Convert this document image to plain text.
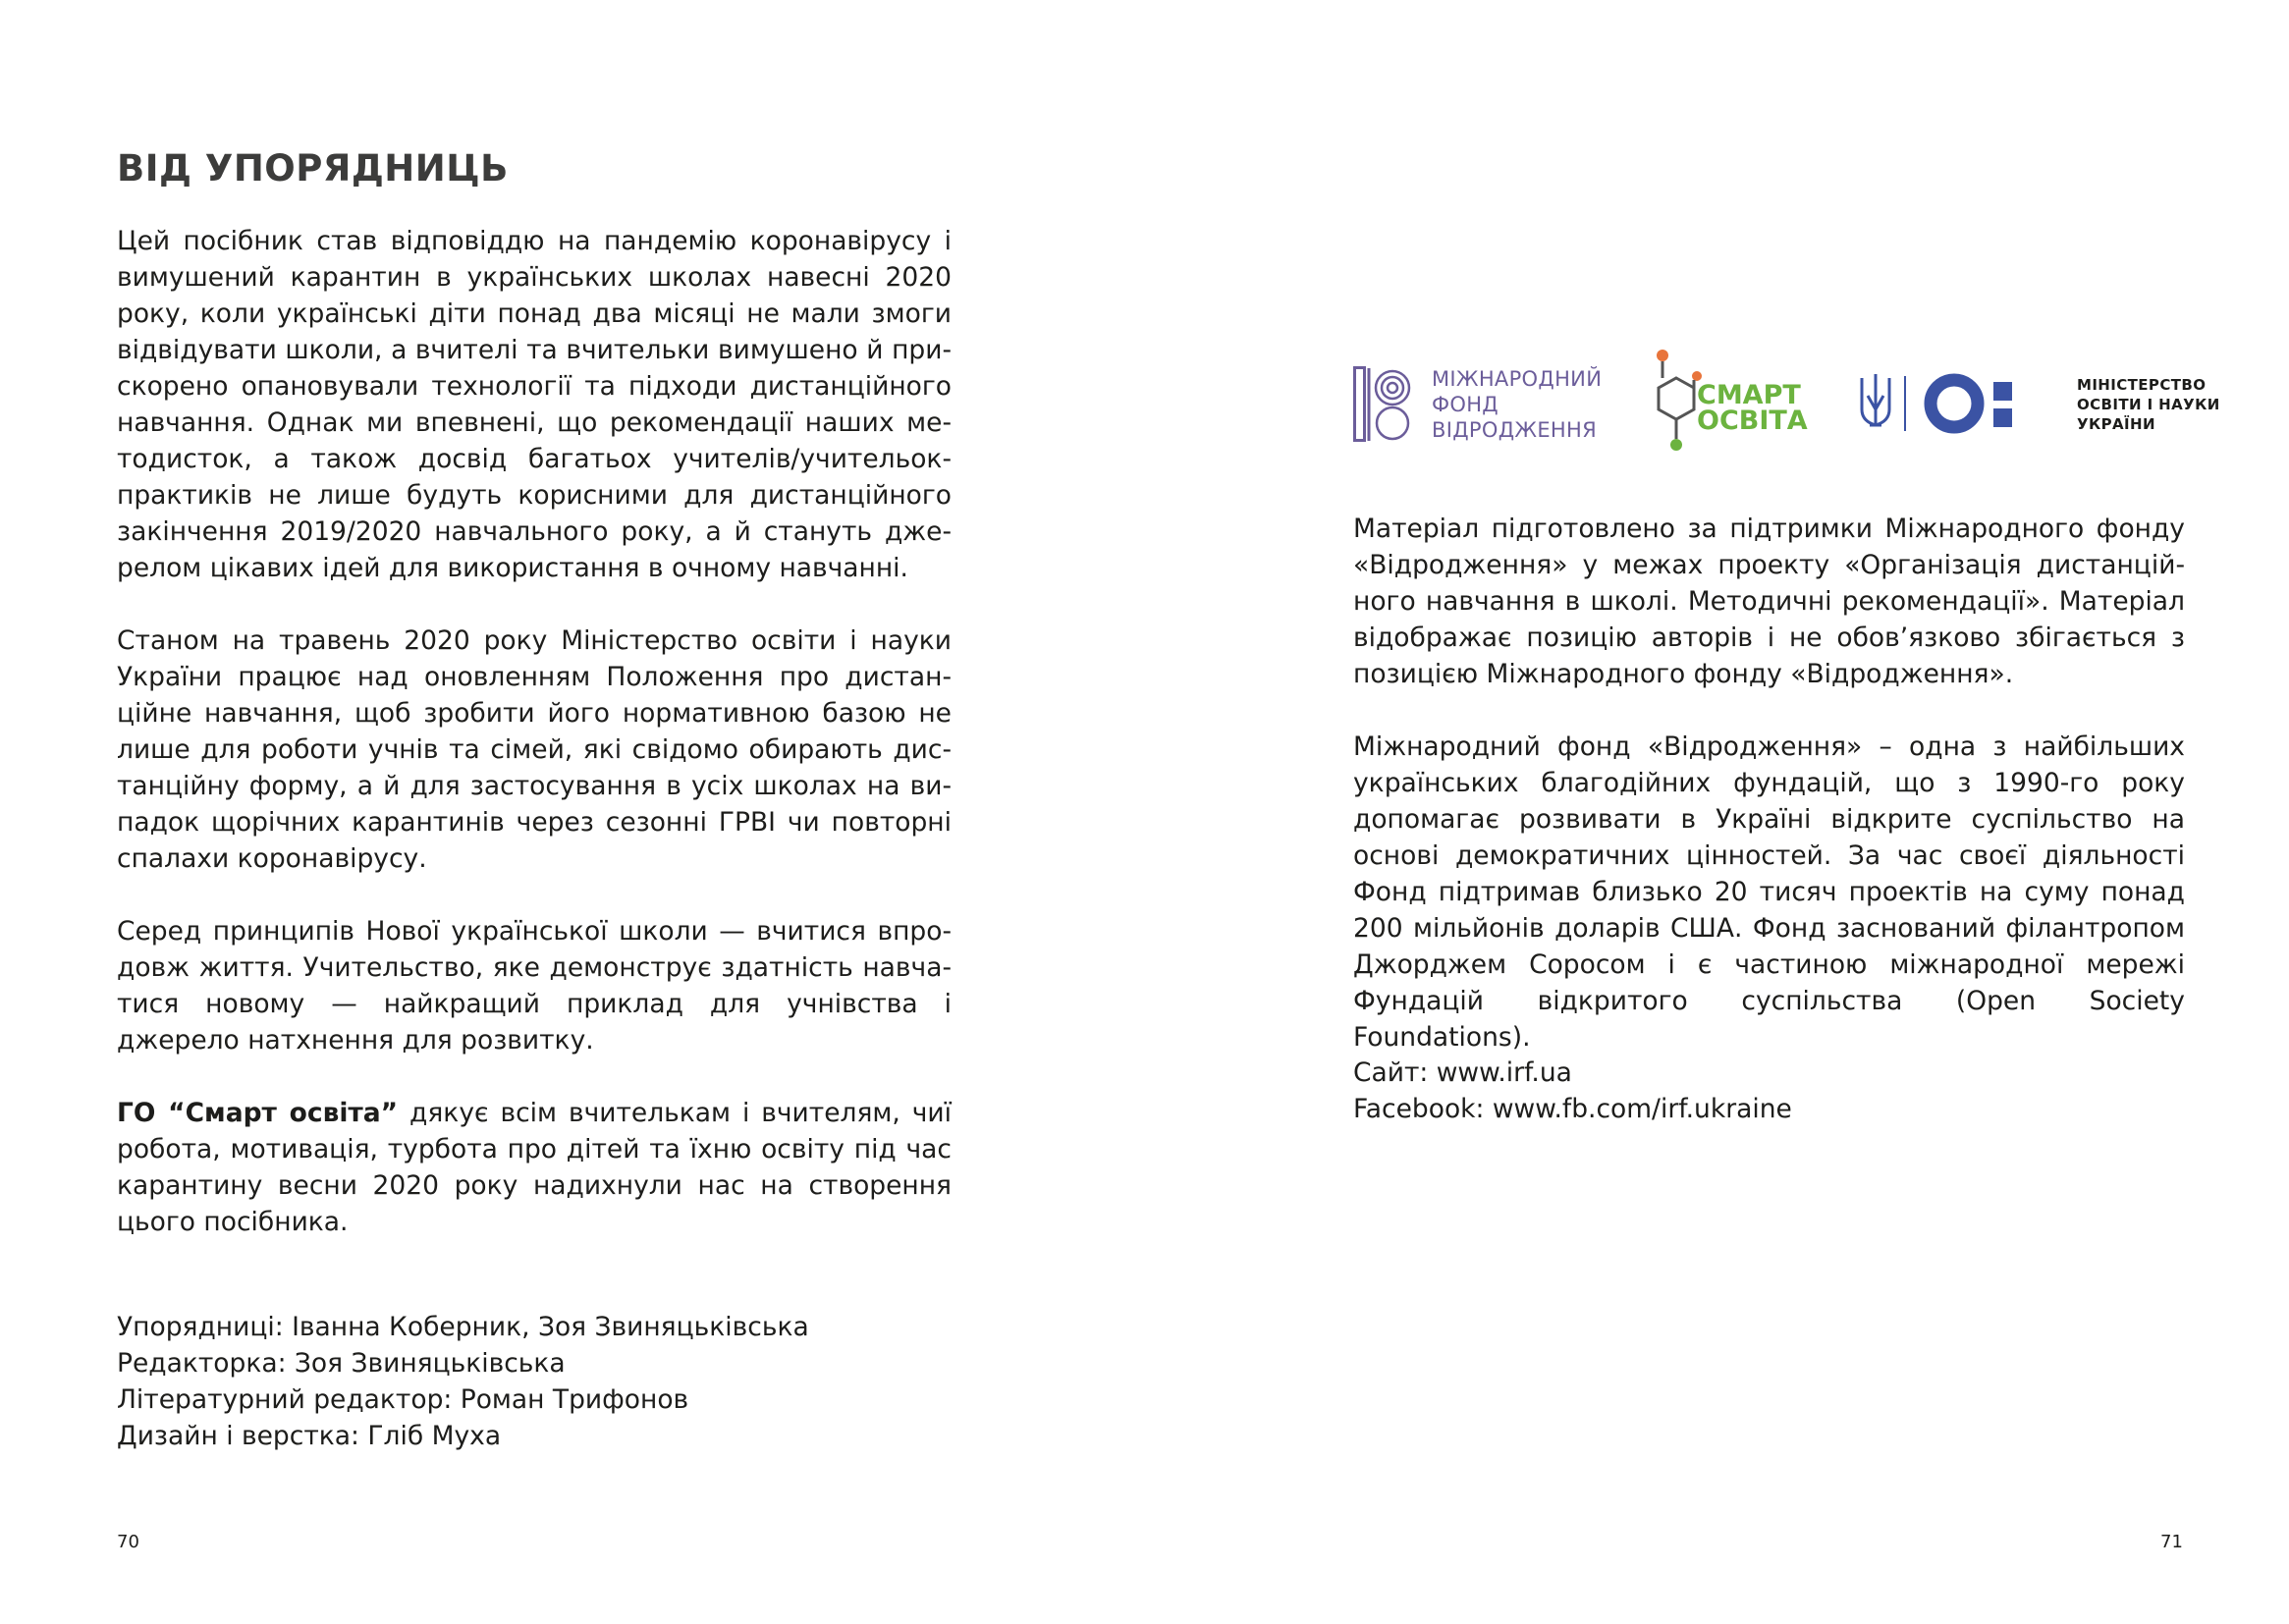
ВІД УПОРЯДНИЦЬ

Цей посібник став відповіддю на пандемію коронавірусу і вимушений карантин в українських школах навесні 2020 року, коли українські діти понад два місяці не мали змоги відвідувати школи, а вчителі та вчительки вимушено й прискорено опановували технології та підходи дистанційного навчання. Однак ми впевнені, що рекомендації наших методисток, а також досвід багатьох учителів/учительок-практиків не лише будуть корисними для дистанційного закінчення 2019/2020 навчального року, а й стануть джерелом цікавих ідей для використання в очному навчанні.

Станом на травень 2020 року Міністерство освіти і науки України працює над оновленням Положення про дистанційне навчання, щоб зробити його нормативною базою не лише для роботи учнів та сімей, які свідомо обирають дистанційну форму, а й для застосування в усіх школах на випадок щорічних карантинів через сезонні ГРВІ чи повторні спалахи коронавірусу.

Серед принципів Нової української школи — вчитися впродовж життя. Учительство, яке демонструє здатність навчатися новому — найкращий приклад для учнівства і джерело натхнення для розвитку.

ГО “Смарт освіта” дякує всім вчителькам і вчителям, чиї робота, мотивація, турбота про дітей та їхню освіту під час карантину весни 2020 року надихнули нас на створення цього посібника.

Упорядниці: Іванна Коберник, Зоя Звиняцьківська
Редакторка: Зоя Звиняцьківська
Літературний редактор: Роман Трифонов
Дизайн і верстка: Гліб Муха
70
МІЖНАРОДНИЙ
ФОНД
ВІДРОДЖЕННЯ
СМАРТ
ОСВІТА
МІНІСТЕРСТВО
ОСВІТИ І НАУКИ
УКРАЇНИ

Матеріал підготовлено за підтримки Міжнародного фонду «Відродження» у межах проекту «Організація дистанційного навчання в школі. Методичні рекомендації». Матеріал відображає позицію авторів і не обов’язково збігається з позицією Міжнародного фонду «Відродження».

Міжнародний фонд «Відродження» – одна з найбільших українських благодійних фундацій, що з 1990-го року допомагає розвивати в Україні відкрите суспільство на основі демократичних цінностей. За час своєї діяльності Фонд підтримав близько 20 тисяч проектів на суму понад 200 мільйонів доларів США. Фонд заснований філантропом Джорджем Соросом і є частиною міжнародної мережі Фундацій відкритого суспільства (Open Society Foundations).

Сайт: www.irf.ua
Facebook: www.fb.com/irf.ukraine
71
